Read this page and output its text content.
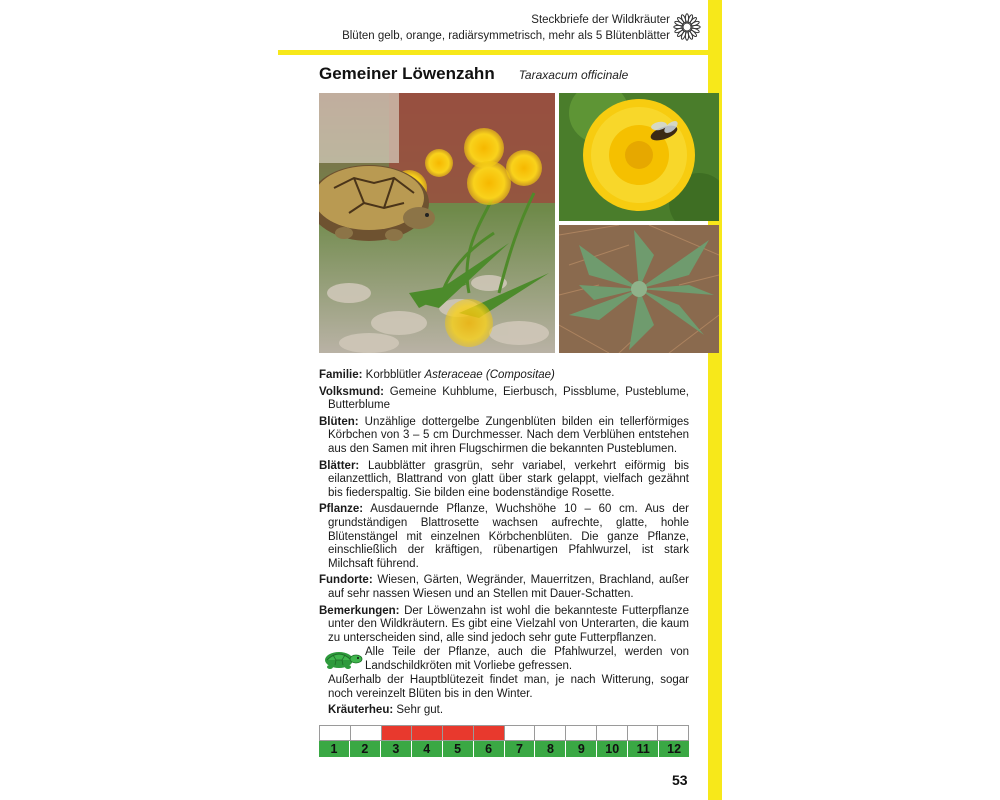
Steckbriefe der Wildkräuter
Blüten gelb, orange, radiärsymmetrisch, mehr als 5 Blütenblätter
Gemeiner Löwenzahn Taraxacum officinale

Familie: Korbblütler Asteraceae (Compositae)

Volksmund: Gemeine Kuhblume, Eierbusch, Pissblume, Pusteblume, Butterblume

Blüten: Unzählige dottergelbe Zungenblüten bilden ein tellerförmiges Körbchen von 3 – 5 cm Durchmesser. Nach dem Verblühen entstehen aus den Samen mit ihren Flugschirmen die bekannten Pusteblumen.

Blätter: Laubblätter grasgrün, sehr variabel, verkehrt eiförmig bis eilanzettlich, Blattrand von glatt über stark gelappt, vielfach gezähnt bis fiederspaltig. Sie bilden eine bodenständige Rosette.

Pflanze: Ausdauernde Pflanze, Wuchshöhe 10 – 60 cm. Aus der grundständigen Blattrosette wachsen aufrechte, glatte, hohle Blütenstängel mit einzelnen Körbchenblüten. Die ganze Pflanze, einschließlich der kräftigen, rübenartigen Pfahlwurzel, ist stark Milchsaft führend.

Fundorte: Wiesen, Gärten, Wegränder, Mauerritzen, Brachland, außer auf sehr nassen Wiesen und an Stellen mit Dauer-Schatten.

Bemerkungen: Der Löwenzahn ist wohl die bekannteste Futterpflanze unter den Wildkräutern. Es gibt eine Vielzahl von Unterarten, die kaum zu unterscheiden sind, alle sind jedoch sehr gute Futterpflanzen.

Alle Teile der Pflanze, auch die Pfahlwurzel, werden von Landschildkröten mit Vorliebe gefressen.

Außerhalb der Hauptblütezeit findet man, je nach Witterung, sogar noch vereinzelt Blüten bis in den Winter.

Kräuterheu: Sehr gut.

1	2	3	4	5	6	7	8	9	10	11	12
53
